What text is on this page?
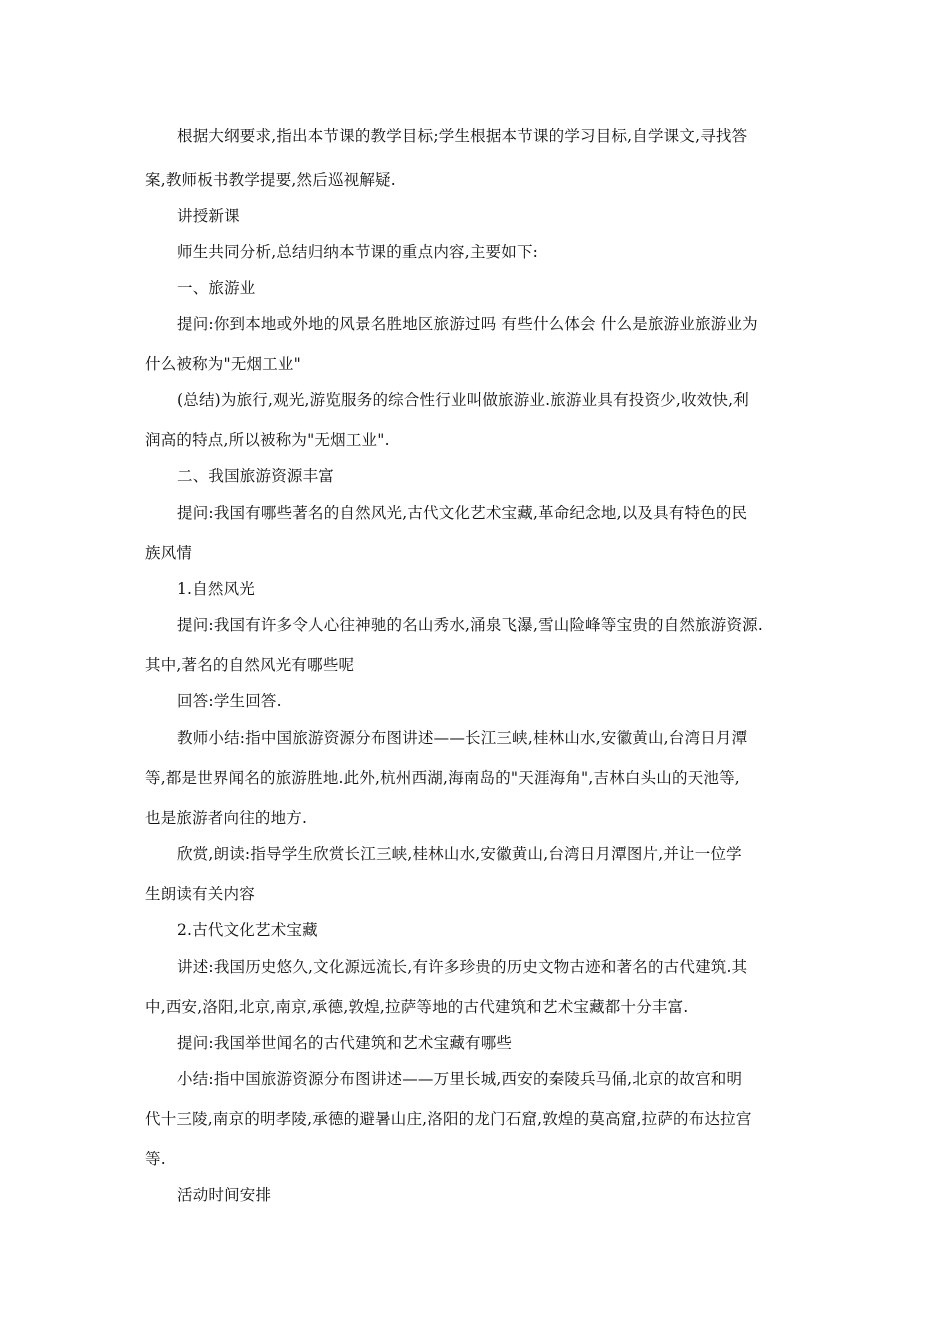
根据大纲要求,指出本节课的教学目标;学生根据本节课的学习目标,自学课文,寻找答
案,教师板书教学提要,然后巡视解疑.
讲授新课
师生共同分析,总结归纳本节课的重点内容,主要如下:
一、旅游业
提问:你到本地或外地的风景名胜地区旅游过吗 有些什么体会 什么是旅游业旅游业为
什么被称为"无烟工业"
(总结)为旅行,观光,游览服务的综合性行业叫做旅游业.旅游业具有投资少,收效快,利
润高的特点,所以被称为"无烟工业".
二、我国旅游资源丰富
提问:我国有哪些著名的自然风光,古代文化艺术宝藏,革命纪念地,以及具有特色的民
族风情
1.自然风光
提问:我国有许多令人心往神驰的名山秀水,涌泉飞瀑,雪山险峰等宝贵的自然旅游资源.
其中,著名的自然风光有哪些呢
回答:学生回答.
教师小结:指中国旅游资源分布图讲述——长江三峡,桂林山水,安徽黄山,台湾日月潭
等,都是世界闻名的旅游胜地.此外,杭州西湖,海南岛的"天涯海角",吉林白头山的天池等,
也是旅游者向往的地方.
欣赏,朗读:指导学生欣赏长江三峡,桂林山水,安徽黄山,台湾日月潭图片,并让一位学
生朗读有关内容
2.古代文化艺术宝藏
讲述:我国历史悠久,文化源远流长,有许多珍贵的历史文物古迹和著名的古代建筑.其
中,西安,洛阳,北京,南京,承德,敦煌,拉萨等地的古代建筑和艺术宝藏都十分丰富.
提问:我国举世闻名的古代建筑和艺术宝藏有哪些
小结:指中国旅游资源分布图讲述——万里长城,西安的秦陵兵马俑,北京的故宫和明
代十三陵,南京的明孝陵,承德的避暑山庄,洛阳的龙门石窟,敦煌的莫高窟,拉萨的布达拉宫
等.
活动时间安排
